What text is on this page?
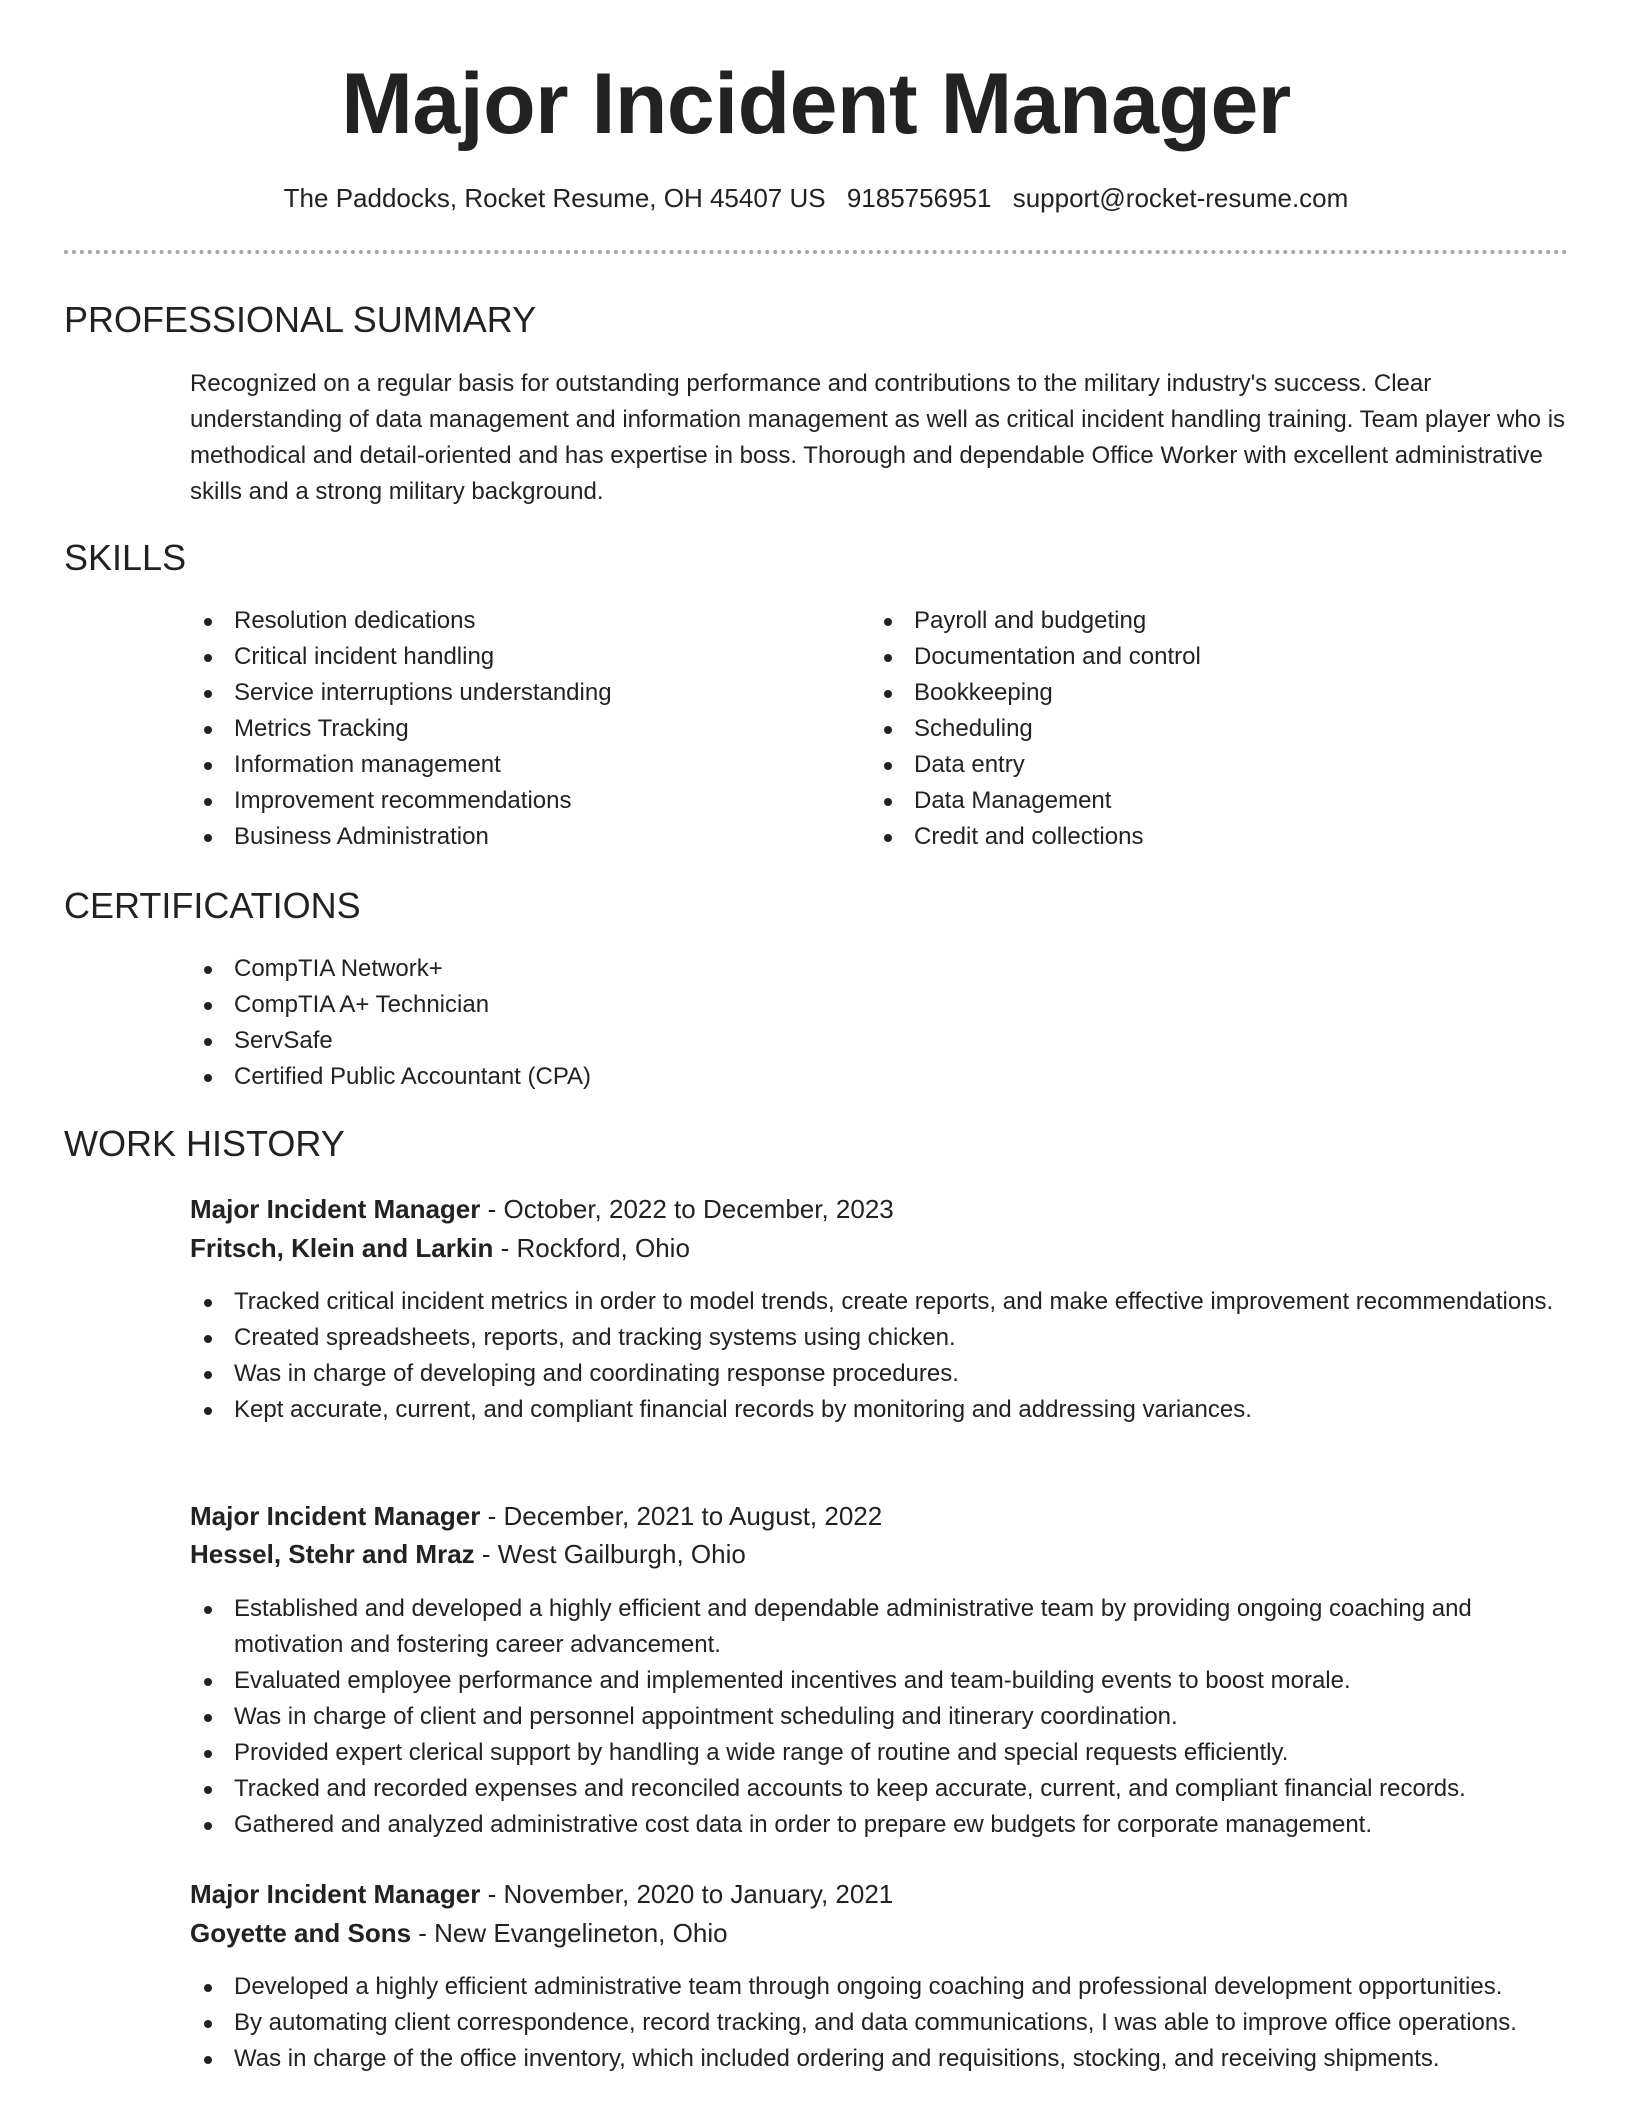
Major Incident Manager
The Paddocks, Rocket Resume, OH 45407 US 9185756951 support@rocket-resume.com
PROFESSIONAL SUMMARY

Recognized on a regular basis for outstanding performance and contributions to the military industry's success. Clear understanding of data management and information management as well as critical incident handling training. Team player who is methodical and detail-oriented and has expertise in boss. Thorough and dependable Office Worker with excellent administrative skills and a strong military background.

SKILLS
Resolution dedications
Critical incident handling
Service interruptions understanding
Metrics Tracking
Information management
Improvement recommendations
Business Administration
Payroll and budgeting
Documentation and control
Bookkeeping
Scheduling
Data entry
Data Management
Credit and collections
CERTIFICATIONS
CompTIA Network+
CompTIA A+ Technician
ServSafe
Certified Public Accountant (CPA)
WORK HISTORY
Major Incident Manager - October, 2022 to December, 2023
Fritsch, Klein and Larkin - Rockford, Ohio
Tracked critical incident metrics in order to model trends, create reports, and make effective improvement recommendations.
Created spreadsheets, reports, and tracking systems using chicken.
Was in charge of developing and coordinating response procedures.
Kept accurate, current, and compliant financial records by monitoring and addressing variances.
Major Incident Manager - December, 2021 to August, 2022
Hessel, Stehr and Mraz - West Gailburgh, Ohio
Established and developed a highly efficient and dependable administrative team by providing ongoing coaching and motivation and fostering career advancement.
Evaluated employee performance and implemented incentives and team-building events to boost morale.
Was in charge of client and personnel appointment scheduling and itinerary coordination.
Provided expert clerical support by handling a wide range of routine and special requests efficiently.
Tracked and recorded expenses and reconciled accounts to keep accurate, current, and compliant financial records.
Gathered and analyzed administrative cost data in order to prepare ew budgets for corporate management.
Major Incident Manager - November, 2020 to January, 2021
Goyette and Sons - New Evangelineton, Ohio
Developed a highly efficient administrative team through ongoing coaching and professional development opportunities.
By automating client correspondence, record tracking, and data communications, I was able to improve office operations.
Was in charge of the office inventory, which included ordering and requisitions, stocking, and receiving shipments.
